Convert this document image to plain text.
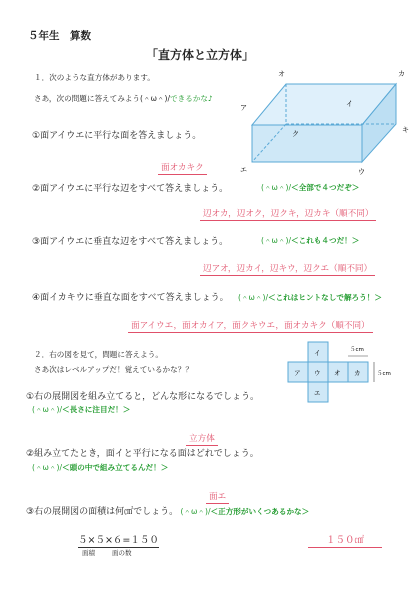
５年生　算数
「直方体と立方体」
１．次のような直方体があります。
さあ，次の問題に答えてみよう(＾ω＾)/できるかな♪
オ	カ
ア	イ
ク	キ
エ	ウ
①面アイウエに平行な面を答えましょう。
面オカキク
②面アイウエに平行な辺をすべて答えましょう。	(＾ω＾)/＜全部で４つだぞ＞
辺オカ，辺オク，辺クキ，辺カキ（順不同）
③面アイウエに垂直な辺をすべて答えましょう。	(＾ω＾)/＜これも４つだ！＞
辺アオ，辺カイ，辺キウ，辺クエ（順不同）
④面イカキウに垂直な面をすべて答えましょう。 (＾ω＾)/＜これはヒントなしで解ろう！＞
面アイウエ，面オカイア，面クキウエ，面オカキク（順不同）
２．右の図を見て，問題に答えよう。
さあ次はレベルアップだ！覚えているかな？？
イ
ア ウ オ カ
エ
５cm
５cm
①右の展開図を組み立てると，どんな形になるでしょう。
(＾ω＾)/＜長さに注目だ！＞
立方体
②組み立てたとき，面イと平行になる面はどれでしょう。
(＾ω＾)/＜頭の中で組み立てるんだ！＞
面エ
③右の展開図の面積は何㎠でしょう。 (＾ω＾)/＜正方形がいくつあるかな＞
５×５×６=１５０
面積	面の数
１５０㎠
